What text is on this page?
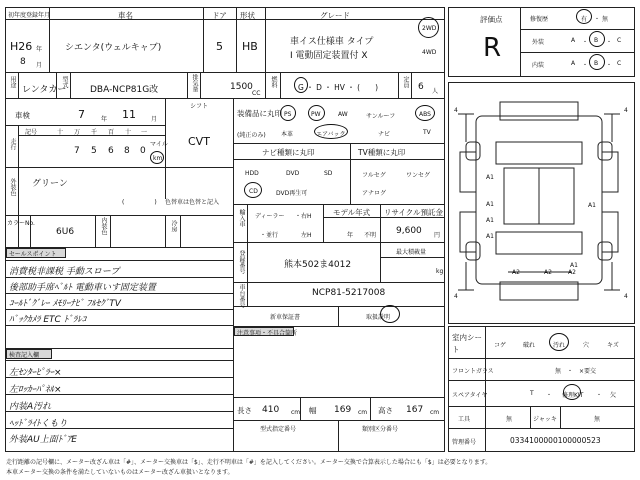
初年度登録年月	車名	ドア 形状	グレード
H26 年
8 月
シエンタ(ウェルキャブ)	5 HB	車イス仕様車 タイプ
Ⅰ 電動固定装置付 X
2WD
4WD
用途
レンタカー
型式
DBA-NCP81G改	排気量	1500
CC
燃料	G ・ D ・ HV ・ (　　)	定員 6 人
車検	7	年 11	月
シフト
CVT
走行
記号	十 万 千 百 十 一
7 5 6 8 0
マイル
km
外装色 グリーン
(　　　　　) 色替車は色替と記入
カラーNo.
6U6	内装色	冷房
セールスポイント
消費税非課税 手動スロープ
後部助手席ﾍﾞﾙﾄ 電動車いす固定装置
ｺｰﾙﾄﾞｸﾞﾚｰ ﾒﾓﾘｰﾅﾋﾞ ﾌﾙｾｸﾞTV
ﾊﾞｯｸｶﾒﾗ ETC ﾄﾞﾗﾚｺ
検査記入欄
左ｾﾝﾀｰﾋﾟﾗｰ×
左ﾛｯｶｰﾊﾟﾈﾙ×
内装A汚れ
ﾍｯﾄﾞﾗｲﾄくもり
外装AU上面ﾄﾞｱE
装備品に丸印
(純正のみ)
PS	PW	AW	サンルーフ	ABS
本革	エアバック	ナビ	TV
ナビ種類に丸印	TV種類に丸印
HDD	DVD	SD
CD	DVD再生可
フルセグ	ワンセグ
アナログ
輸入車 ディーラー ・ 右H
・並行	左H
モデル年式
年 不明
リサイクル預託金
9,600 円
登録番号	熊本502ま4012
最大積載量
kg
車台番号	NCP81-5217008
新車保証書	取扱説明
注意事項・不具合箇所
長さ 410 cm 幅 169 cm 高さ 167 cm
型式指定番号	類別区分番号
評価点
R
修復歴	有 ・ 無
外装	A ・ B ・ C
内装	A ・ B ・ C
4	4
4	4
A1
A1
A1
A1
A1
A2	A2	A2
A1
室内シート	コゲ	破れ	汚れ	穴	キズ
フロントガラス	無　・　×要交
スペアタイヤ	T ・ 修理KIT ・ 欠
工具	無	ジャッキ	無
管理番号	0334100000100000523
走行距離の記号欄に、メーター改ざん車は「#」、メーター交換車は「$」、走行不明車は「#」を記入してください。メーター交換で合算表示した場合にも「$」は必要となります。
本車メーター交換の条件を満たしていないものはメーター改ざん車扱いとなります。
